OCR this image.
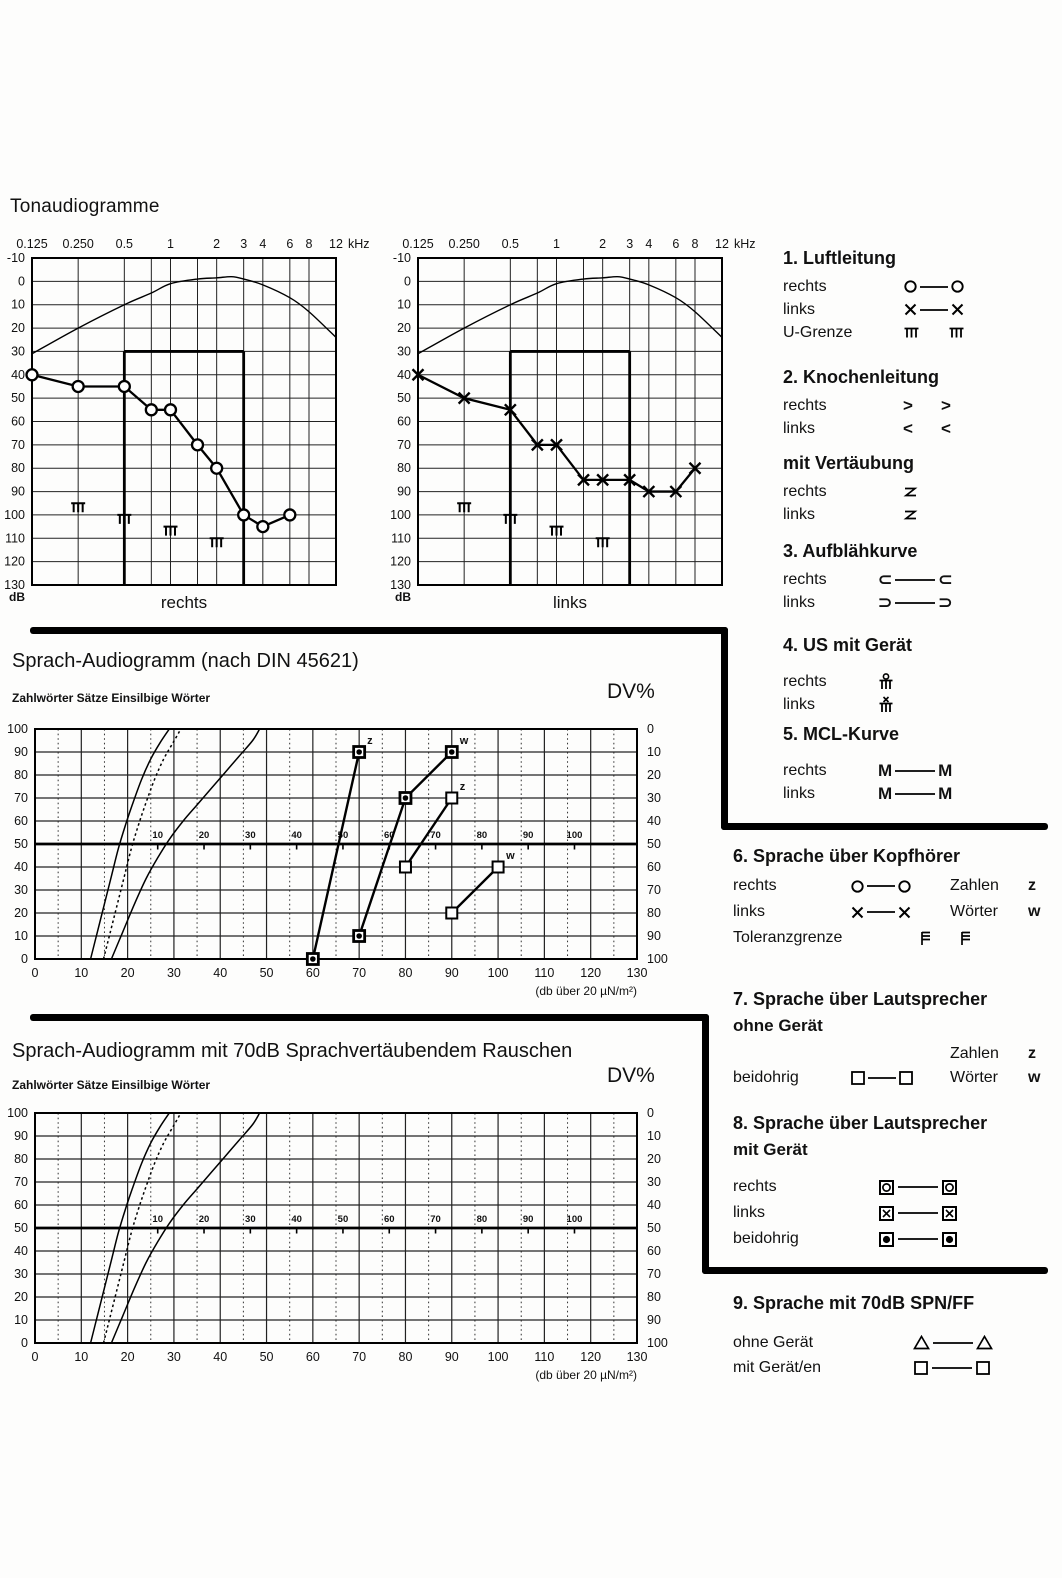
Tonaudiogramme
0.125 0.250 0.5	1	2 3 4 6 8 12 kHz
-10
0
10
20
30
40
50
60
70
80
90
100
110
120
130
dB	rechts
0.125 0.250 0.5	1	2 3 4 6 8 12 kHz
-10
0
10
20
30
40
50
60
70
80
90
100
110
120
130
dB	links
Sprach-Audiogramm (nach DIN 45621)
Zahlwörter Sätze Einsilbige Wörter	DV%
100
90
80
70
60
50
40
30
20
10
0
0
10
20
30
40
50
60
70
80
90
100
0	10	20	30	40	50	60	70	80	90 100 110 120 130
(db über 20 µN/m²)
10	20	30	40	50	60	70	80	90	100
z	w
z
w
Sprach-Audiogramm mit 70dB Sprachvertäubendem Rauschen
Zahlwörter Sätze Einsilbige Wörter	DV%
100
90
80
70
60
50
40
30
20
10
0
0
10
20
30
40
50
60
70
80
90
100
0	10	20	30	40	50	60	70	80	90 100 110 120 130
(db über 20 µN/m²)
10	20	30	40	50	60	70	80	90	100
1. Luftleitung
rechts
links
U-Grenze
2. Knochenleitung
rechts	> >
links	< <
mit Vertäubung
rechts
links
3. Aufblähkurve
rechts	⊂	⊂
links	⊃	⊃
4. US mit Gerät
rechts
links
5. MCL-Kurve
rechts	M	M
links	M	M
6. Sprache über Kopfhörer
rechts	Zahlen	z
links	Wörter	w
Toleranzgrenze
7. Sprache über Lautsprecher
ohne Gerät
Zahlen	z
beidohrig	Wörter	w
8. Sprache über Lautsprecher
mit Gerät
rechts
links
beidohrig
9. Sprache mit 70dB SPN/FF
ohne Gerät
mit Gerät/en
